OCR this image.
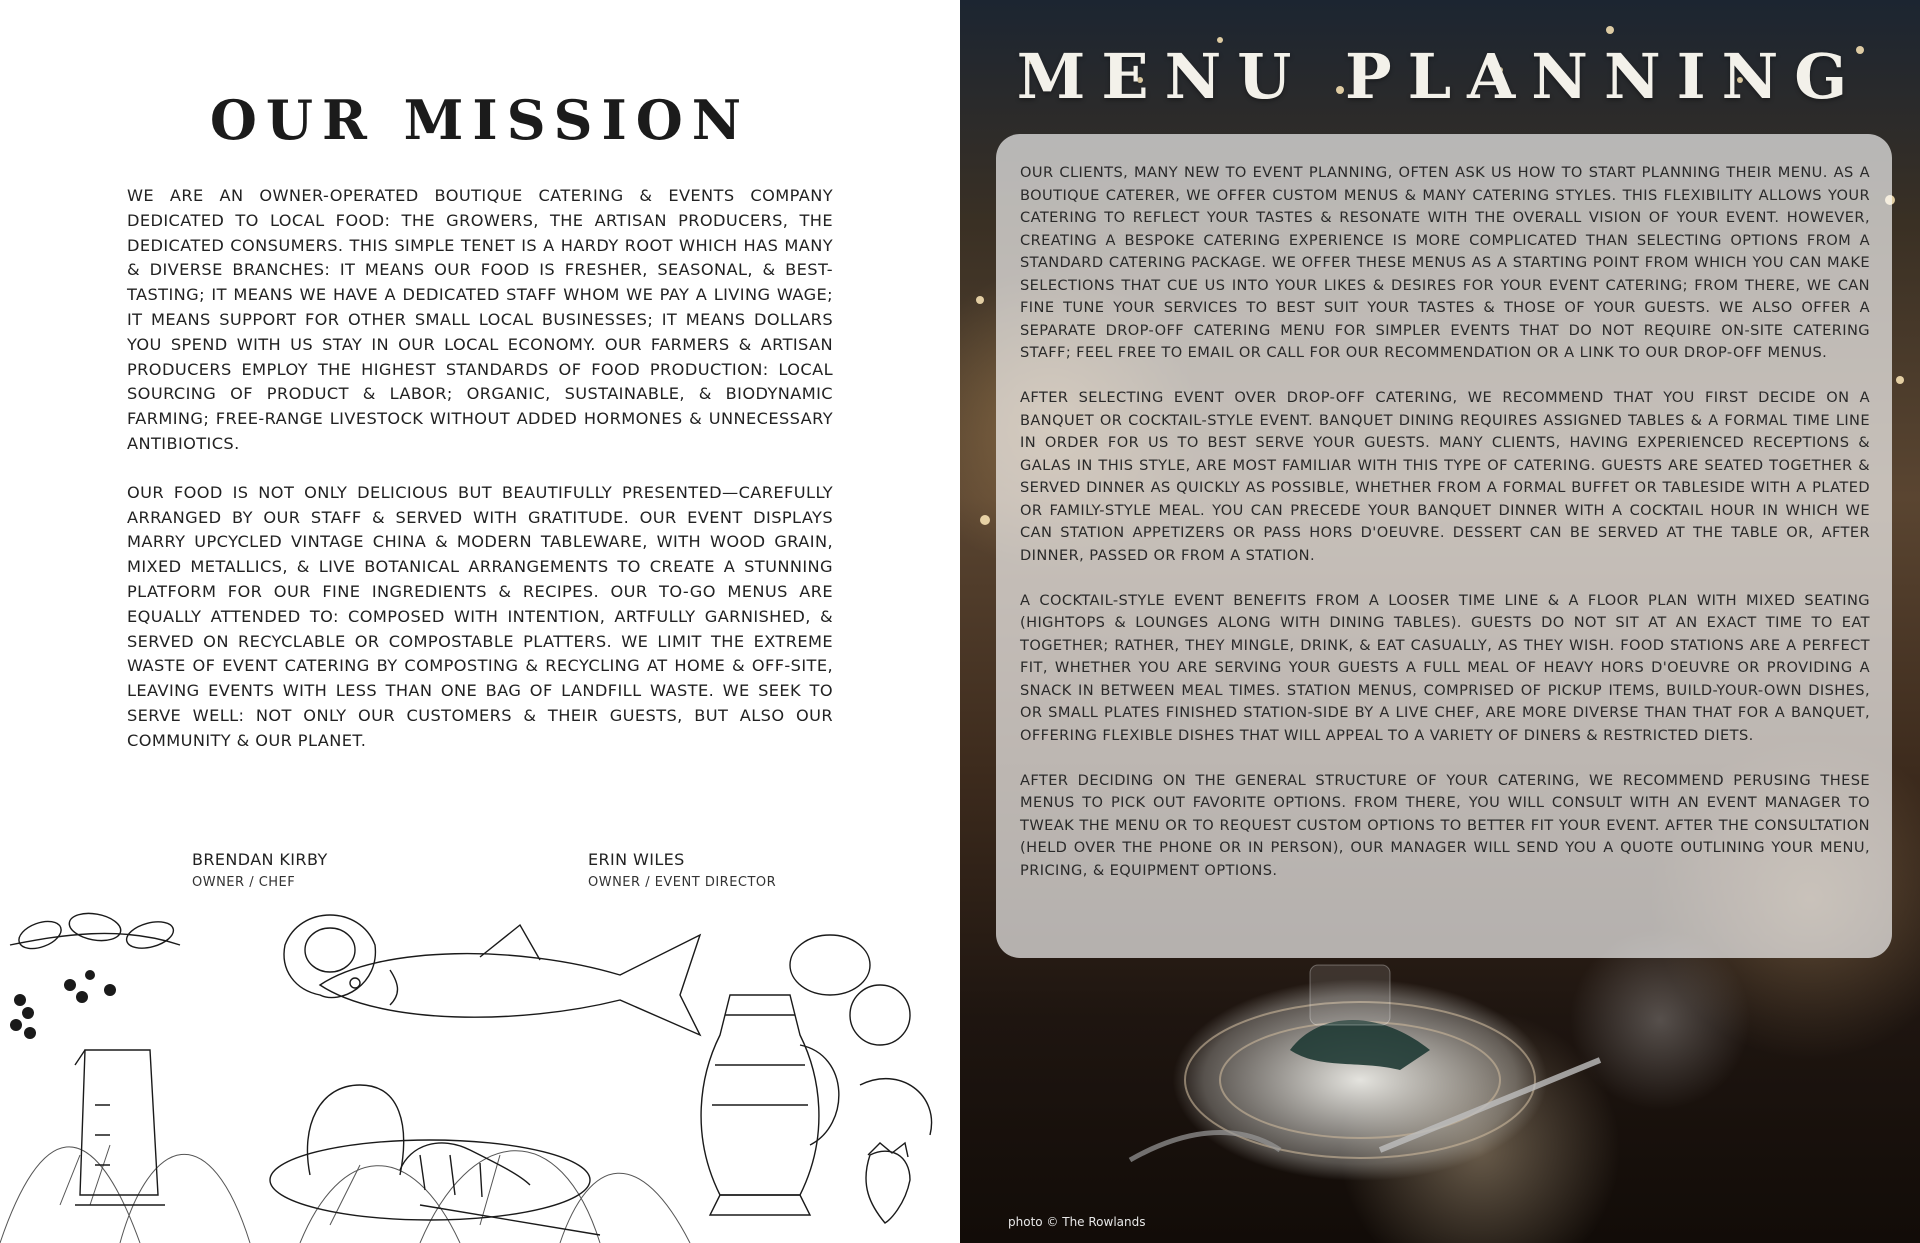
OUR MISSION

WE ARE AN OWNER-OPERATED BOUTIQUE CATERING & EVENTS COMPANY DEDICATED TO LOCAL FOOD: THE GROWERS, THE ARTISAN PRODUCERS, THE DEDICATED CONSUMERS. THIS SIMPLE TENET IS A HARDY ROOT WHICH HAS MANY & DIVERSE BRANCHES: IT MEANS OUR FOOD IS FRESHER, SEASONAL, & BEST-TASTING; IT MEANS WE HAVE A DEDICATED STAFF WHOM WE PAY A LIVING WAGE; IT MEANS SUPPORT FOR OTHER SMALL LOCAL BUSINESSES; IT MEANS DOLLARS YOU SPEND WITH US STAY IN OUR LOCAL ECONOMY. OUR FARMERS & ARTISAN PRODUCERS EMPLOY THE HIGHEST STANDARDS OF FOOD PRODUCTION: LOCAL SOURCING OF PRODUCT & LABOR; ORGANIC, SUSTAINABLE, & BIODYNAMIC FARMING; FREE-RANGE LIVESTOCK WITHOUT ADDED HORMONES & UNNECESSARY ANTIBIOTICS.

OUR FOOD IS NOT ONLY DELICIOUS BUT BEAUTIFULLY PRESENTED—CAREFULLY ARRANGED BY OUR STAFF & SERVED WITH GRATITUDE. OUR EVENT DISPLAYS MARRY UPCYCLED VINTAGE CHINA & MODERN TABLEWARE, WITH WOOD GRAIN, MIXED METALLICS, & LIVE BOTANICAL ARRANGEMENTS TO CREATE A STUNNING PLATFORM FOR OUR FINE INGREDIENTS & RECIPES. OUR TO-GO MENUS ARE EQUALLY ATTENDED TO: COMPOSED WITH INTENTION, ARTFULLY GARNISHED, & SERVED ON RECYCLABLE OR COMPOSTABLE PLATTERS. WE LIMIT THE EXTREME WASTE OF EVENT CATERING BY COMPOSTING & RECYCLING AT HOME & OFF-SITE, LEAVING EVENTS WITH LESS THAN ONE BAG OF LANDFILL WASTE. WE SEEK TO SERVE WELL: NOT ONLY OUR CUSTOMERS & THEIR GUESTS, BUT ALSO OUR COMMUNITY & OUR PLANET.

BRENDAN KIRBY
OWNER / CHEF
ERIN WILES
OWNER / EVENT DIRECTOR
MENU PLANNING

OUR CLIENTS, MANY NEW TO EVENT PLANNING, OFTEN ASK US HOW TO START PLANNING THEIR MENU. AS A BOUTIQUE CATERER, WE OFFER CUSTOM MENUS & MANY CATERING STYLES. THIS FLEXIBILITY ALLOWS YOUR CATERING TO REFLECT YOUR TASTES & RESONATE WITH THE OVERALL VISION OF YOUR EVENT. HOWEVER, CREATING A BESPOKE CATERING EXPERIENCE IS MORE COMPLICATED THAN SELECTING OPTIONS FROM A STANDARD CATERING PACKAGE. WE OFFER THESE MENUS AS A STARTING POINT FROM WHICH YOU CAN MAKE SELECTIONS THAT CUE US INTO YOUR LIKES & DESIRES FOR YOUR EVENT CATERING; FROM THERE, WE CAN FINE TUNE YOUR SERVICES TO BEST SUIT YOUR TASTES & THOSE OF YOUR GUESTS. WE ALSO OFFER A SEPARATE DROP-OFF CATERING MENU FOR SIMPLER EVENTS THAT DO NOT REQUIRE ON-SITE CATERING STAFF; FEEL FREE TO EMAIL OR CALL FOR OUR RECOMMENDATION OR A LINK TO OUR DROP-OFF MENUS.

AFTER SELECTING EVENT OVER DROP-OFF CATERING, WE RECOMMEND THAT YOU FIRST DECIDE ON A BANQUET OR COCKTAIL-STYLE EVENT. BANQUET DINING REQUIRES ASSIGNED TABLES & A FORMAL TIME LINE IN ORDER FOR US TO BEST SERVE YOUR GUESTS. MANY CLIENTS, HAVING EXPERIENCED RECEPTIONS & GALAS IN THIS STYLE, ARE MOST FAMILIAR WITH THIS TYPE OF CATERING. GUESTS ARE SEATED TOGETHER & SERVED DINNER AS QUICKLY AS POSSIBLE, WHETHER FROM A FORMAL BUFFET OR TABLESIDE WITH A PLATED OR FAMILY-STYLE MEAL. YOU CAN PRECEDE YOUR BANQUET DINNER WITH A COCKTAIL HOUR IN WHICH WE CAN STATION APPETIZERS OR PASS HORS D'OEUVRE. DESSERT CAN BE SERVED AT THE TABLE OR, AFTER DINNER, PASSED OR FROM A STATION.

A COCKTAIL-STYLE EVENT BENEFITS FROM A LOOSER TIME LINE & A FLOOR PLAN WITH MIXED SEATING (HIGHTOPS & LOUNGES ALONG WITH DINING TABLES). GUESTS DO NOT SIT AT AN EXACT TIME TO EAT TOGETHER; RATHER, THEY MINGLE, DRINK, & EAT CASUALLY, AS THEY WISH. FOOD STATIONS ARE A PERFECT FIT, WHETHER YOU ARE SERVING YOUR GUESTS A FULL MEAL OF HEAVY HORS D'OEUVRE OR PROVIDING A SNACK IN BETWEEN MEAL TIMES. STATION MENUS, COMPRISED OF PICKUP ITEMS, BUILD-YOUR-OWN DISHES, OR SMALL PLATES FINISHED STATION-SIDE BY A LIVE CHEF, ARE MORE DIVERSE THAN THAT FOR A BANQUET, OFFERING FLEXIBLE DISHES THAT WILL APPEAL TO A VARIETY OF DINERS & RESTRICTED DIETS.

AFTER DECIDING ON THE GENERAL STRUCTURE OF YOUR CATERING, WE RECOMMEND PERUSING THESE MENUS TO PICK OUT FAVORITE OPTIONS. FROM THERE, YOU WILL CONSULT WITH AN EVENT MANAGER TO TWEAK THE MENU OR TO REQUEST CUSTOM OPTIONS TO BETTER FIT YOUR EVENT. AFTER THE CONSULTATION (HELD OVER THE PHONE OR IN PERSON), OUR MANAGER WILL SEND YOU A QUOTE OUTLINING YOUR MENU, PRICING, & EQUIPMENT OPTIONS.

photo © The Rowlands
